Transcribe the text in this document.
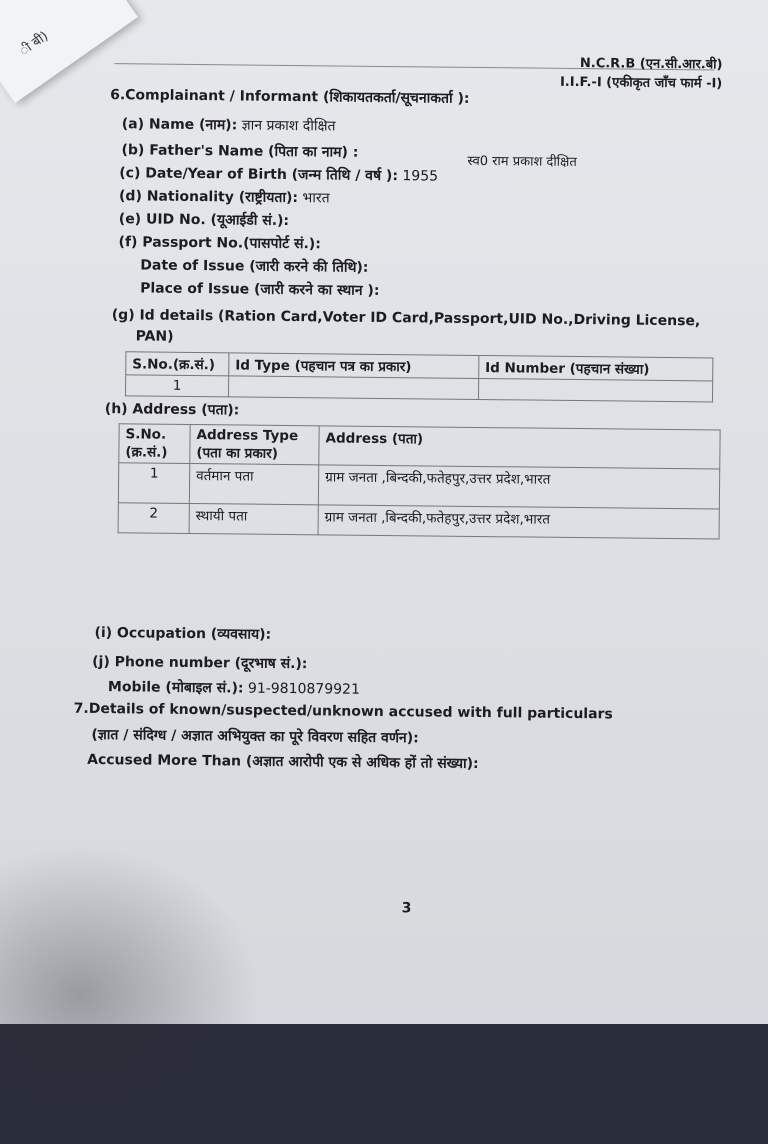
N.C.R.B (एन.सी.आर.बी)
I.I.F.-I (एकीकृत जाँच फार्म -I)
6.Complainant / Informant (शिकायतकर्ता/सूचनाकर्ता ):
(a) Name (नाम): ज्ञान प्रकाश दीक्षित
(b) Father's Name (पिता का नाम) :
स्व0 राम प्रकाश दीक्षित
(c) Date/Year of Birth (जन्म तिथि / वर्ष ): 1955
(d) Nationality (राष्ट्रीयता): भारत
(e) UID No. (यूआईडी सं.):
(f) Passport No.(पासपोर्ट सं.):
Date of Issue (जारी करने की तिथि):
Place of Issue (जारी करने का स्थान ):
(g) Id details (Ration Card,Voter ID Card,Passport,UID No.,Driving License,
PAN)
S.No.(क्र.सं.)	Id Type (पहचान पत्र का प्रकार)	Id Number (पहचान संख्या)
1		
(h) Address (पता):
S.No. (क्र.सं.)	Address Type (पता का प्रकार)	Address (पता)
1	वर्तमान पता	ग्राम जनता ,बिन्दकी,फतेहपुर,उत्तर प्रदेश,भारत
2	स्थायी पता	ग्राम जनता ,बिन्दकी,फतेहपुर,उत्तर प्रदेश,भारत
(i) Occupation (व्यवसाय):
(j) Phone number (दूरभाष सं.):
Mobile (मोबाइल सं.): 91-9810879921
7.Details of known/suspected/unknown accused with full particulars
(ज्ञात / संदिग्ध / अज्ञात अभियुक्त का पूरे विवरण सहित वर्णन):
Accused More Than (अज्ञात आरोपी एक से अधिक हों तो संख्या):
3
ी बी)
